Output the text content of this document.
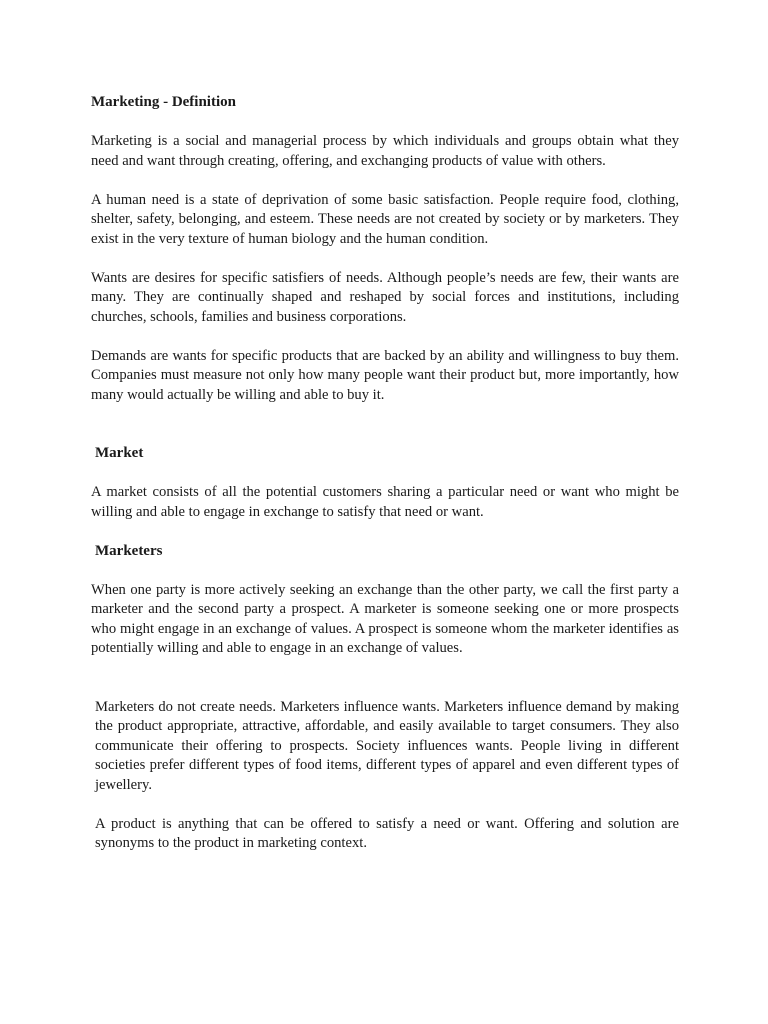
Marketing - Definition

Marketing is a social and managerial process by which individuals and groups obtain what they need and want through creating, offering, and exchanging products of value with others.

A human need is a state of deprivation of some basic satisfaction. People require food, clothing, shelter, safety, belonging, and esteem. These needs are not created by society or by marketers. They exist in the very texture of human biology and the human condition.

Wants are desires for specific satisfiers of needs. Although people’s needs are few, their wants are many. They are continually shaped and reshaped by social forces and institutions, including churches, schools, families and business corporations.

Demands are wants for specific products that are backed by an ability and willingness to buy them. Companies must measure not only how many people want their product but, more importantly, how many would actually be willing and able to buy it.

Market

A market consists of all the potential customers sharing a particular need or want who might be willing and able to engage in exchange to satisfy that need or want.

Marketers

When one party is more actively seeking an exchange than the other party, we call the first party a marketer and the second party a prospect. A marketer is someone seeking one or more prospects who might engage in an exchange of values. A prospect is someone whom the marketer identifies as potentially willing and able to engage in an exchange of values.

Marketers do not create needs. Marketers influence wants. Marketers influence demand by making the product appropriate, attractive, affordable, and easily available to target consumers. They also communicate their offering to prospects. Society influences wants. People living in different societies prefer different types of food items, different types of apparel and even different types of jewellery.

A product is anything that can be offered to satisfy a need or want. Offering and solution are synonyms to the product in marketing context.
